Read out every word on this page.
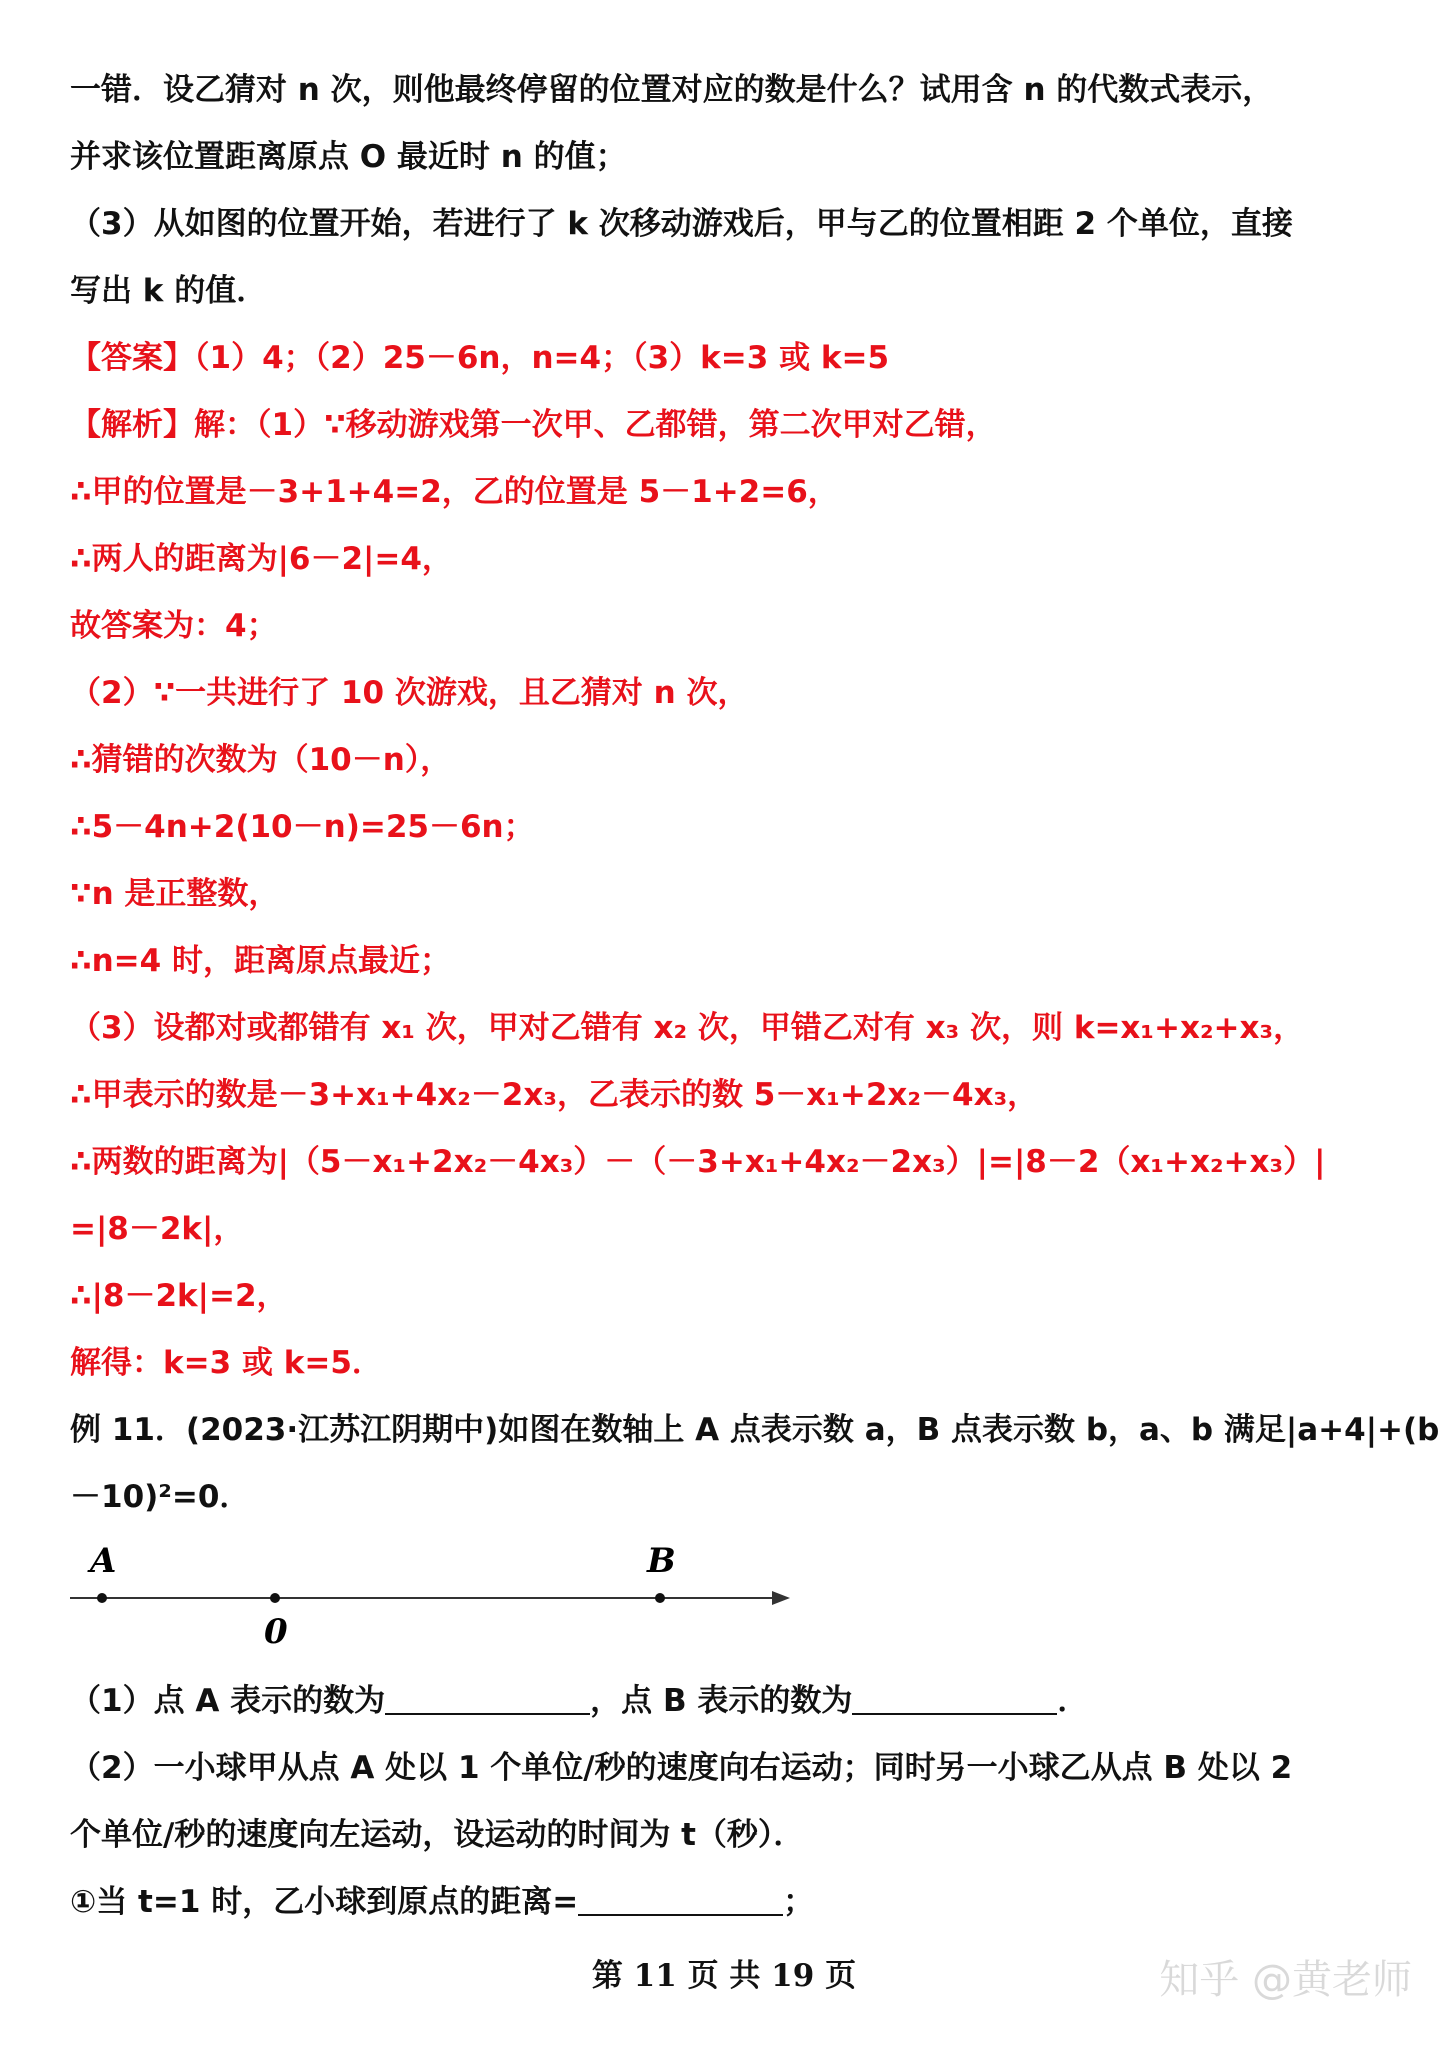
一错．设乙猜对 n 次，则他最终停留的位置对应的数是什么？试用含 n 的代数式表示，
并求该位置距离原点 O 最近时 n 的值；
（3）从如图的位置开始，若进行了 k 次移动游戏后，甲与乙的位置相距 2 个单位，直接
写出 k 的值．
【答案】（1）4；（2）25－6n，n=4；（3）k=3 或 k=5
【解析】解：（1）∵移动游戏第一次甲、乙都错，第二次甲对乙错，
∴甲的位置是－3+1+4=2，乙的位置是 5－1+2=6，
∴两人的距离为|6－2|=4，
故答案为：4；
（2）∵一共进行了 10 次游戏，且乙猜对 n 次，
∴猜错的次数为（10－n），
∴5－4n+2(10－n)=25－6n；
∵n 是正整数，
∴n=4 时，距离原点最近；
（3）设都对或都错有 x₁ 次，甲对乙错有 x₂ 次，甲错乙对有 x₃ 次，则 k=x₁+x₂+x₃，
∴甲表示的数是－3+x₁+4x₂－2x₃，乙表示的数 5－x₁+2x₂－4x₃，
∴两数的距离为|（5－x₁+2x₂－4x₃）－（－3+x₁+4x₂－2x₃）|=|8－2（x₁+x₂+x₃）|
=|8－2k|，
∴|8－2k|=2，
解得：k=3 或 k=5．
例 11．(2023·江苏江阴期中)如图在数轴上 A 点表示数 a，B 点表示数 b，a、b 满足|a+4|+(b
－10)²=0．
A	B
0
（1）点 A 表示的数为	，点 B 表示的数为	．
（2）一小球甲从点 A 处以 1 个单位/秒的速度向右运动；同时另一小球乙从点 B 处以 2
个单位/秒的速度向左运动，设运动的时间为 t（秒）．
①当 t=1 时，乙小球到原点的距离=	；
第 11 页 共 19 页	知乎 @黄老师
